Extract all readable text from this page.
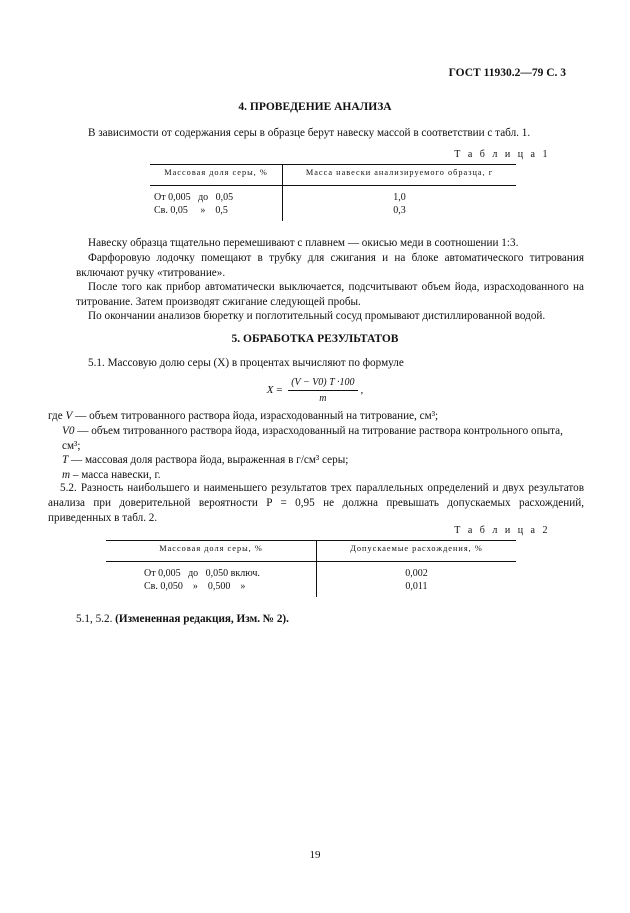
ГОСТ 11930.2—79 С. 3
4. ПРОВЕДЕНИЕ АНАЛИЗА
В зависимости от содержания серы в образце берут навеску массой в соответствии с табл. 1.
Т а б л и ц а 1
Массовая доля серы, %	Масса навески анализируемого образца, г
От 0,005   до   0,05	1,0
Св. 0,05     »    0,5	0,3
Навеску образца тщательно перемешивают с плавнем — окисью меди в соотношении 1:3.
Фарфоровую лодочку помещают в трубку для сжигания и на блоке автоматического титрования включают ручку «титрование».
После того как прибор автоматически выключается, подсчитывают объем йода, израсходованного на титрование. Затем производят сжигание следующей пробы.
По окончании анализов бюретку и поглотительный сосуд промывают дистиллированной водой.
5. ОБРАБОТКА РЕЗУЛЬТАТОВ
5.1. Массовую долю серы (X) в процентах вычисляют по формуле
$X = \frac{(V - V0) T \cdot 100}{m}$ ,
где V — объем титрованного раствора йода, израсходованный на титрование, см³;
V0 — объем титрованного раствора йода, израсходованный на титрование раствора контрольного опыта, см³;
T — массовая доля раствора йода, выраженная в г/см³ серы;
m – масса навески, г.
5.2. Разность наибольшего и наименьшего результатов трех параллельных определений и двух результатов анализа при доверительной вероятности P = 0,95 не должна превышать допускаемых расхождений, приведенных в табл. 2.
Т а б л и ц а 2
Массовая доля серы, %	Допускаемые расхождения, %
От 0,005   до   0,050 включ.	0,002
Св. 0,050    »    0,500    »	0,011
5.1, 5.2. (Измененная редакция, Изм. № 2).
19
